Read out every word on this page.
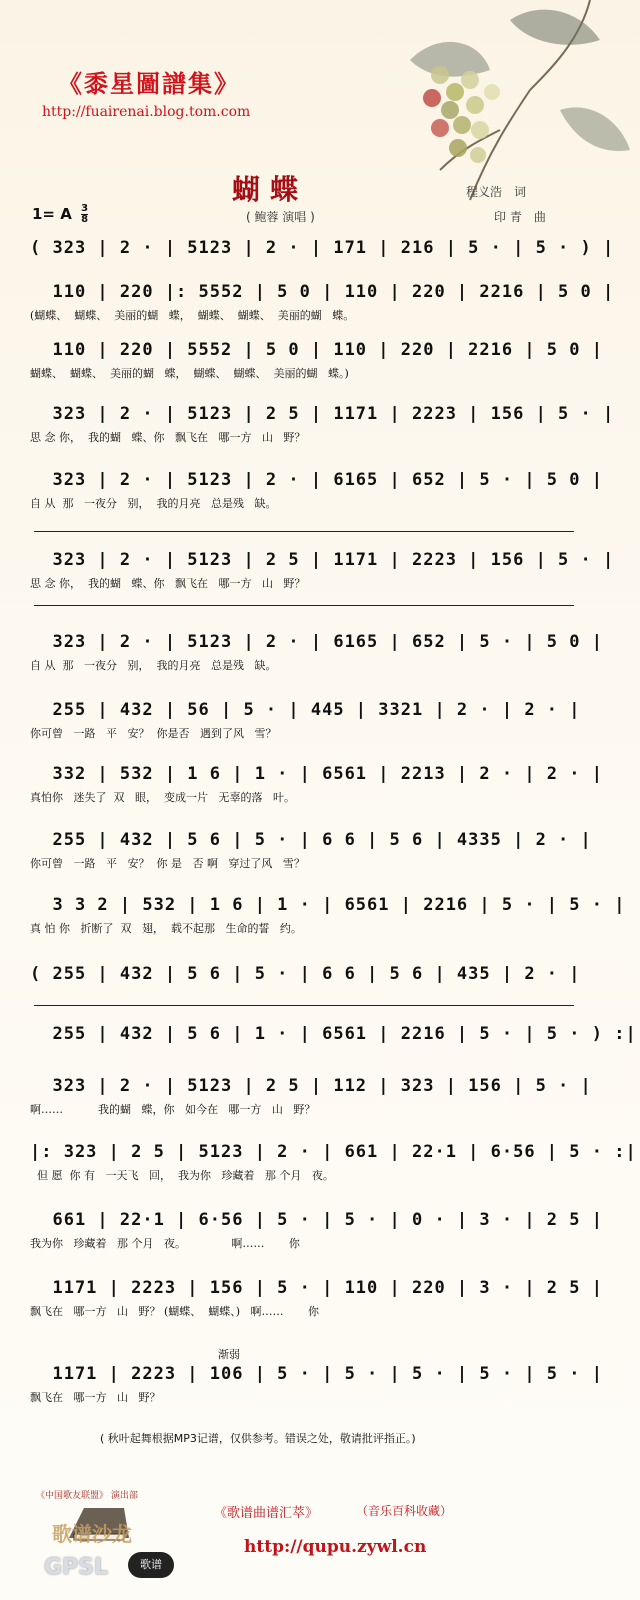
《黍星圖譜集》
http://fuairenai.blog.tom.com
蝴蝶	程义浩　词
印 青　曲
( 鲍蓉 演唱 )
1= A $\frac{3}{8}$
( 323 | 2 · | 5123 | 2 · | 171 | 216 | 5 · | 5 · ) |
110 | 220 |: 5552 | 5 0 | 110 | 220 | 2216 | 5 0 |
(蝴蝶、  蝴蝶、  美丽的蝴   蝶，  蝴蝶、  蝴蝶、  美丽的蝴   蝶。
110 | 220 | 5552 | 5 0 | 110 | 220 | 2216 | 5 0 |
蝴蝶、  蝴蝶、  美丽的蝴   蝶，  蝴蝶、  蝴蝶、  美丽的蝴   蝶。)
323 | 2 · | 5123 | 2 5 | 1171 | 2223 | 156 | 5 · |
思 念 你，  我的蝴   蝶、你   飘飞在   哪一方   山   野？
323 | 2 · | 5123 | 2 · | 6165 | 652 | 5 · | 5 0 |
自 从  那   一夜分   别，  我的月亮   总是残   缺。
323 | 2 · | 5123 | 2 5 | 1171 | 2223 | 156 | 5 · |
思 念 你，  我的蝴   蝶、你   飘飞在   哪一方   山   野？
323 | 2 · | 5123 | 2 · | 6165 | 652 | 5 · | 5 0 |
自 从  那   一夜分   别，  我的月亮   总是残   缺。
255 | 432 | 56 | 5 · | 445 | 3321 | 2 · | 2 · |
你可曾   一路   平   安？  你是否   遇到了风   雪？
332 | 532 | 1 6 | 1 · | 6561 | 2213 | 2 · | 2 · |
真怕你   迷失了  双   眼，  变成一片   无辜的落   叶。
255 | 432 | 5 6 | 5 · | 6 6 | 5 6 | 4335 | 2 · |
你可曾   一路   平   安？  你 是   否 啊   穿过了风   雪？
3 3 2 | 532 | 1 6 | 1 · | 6561 | 2216 | 5 · | 5 · |
真 怕 你   折断了  双   翅，  载不起那   生命的誓   约。
( 255 | 432 | 5 6 | 5 · | 6 6 | 5 6 | 435 | 2 · |
255 | 432 | 5 6 | 1 · | 6561 | 2216 | 5 · | 5 · ) :|
323 | 2 · | 5123 | 2 5 | 112 | 323 | 156 | 5 · |
啊……          我的蝴   蝶，你   如今在   哪一方   山   野？
|: 323 | 2 5 | 5123 | 2 · | 661 | 22·1 | 6·56 | 5 · :|
但 愿  你 有   一天飞   回，  我为你   珍藏着   那 个月   夜。
661 | 22·1 | 6·56 | 5 · | 5 · | 0 · | 3 · | 2 5 |
我为你   珍藏着   那 个月   夜。             啊……       你
1171 | 2223 | 156 | 5 · | 110 | 220 | 3 · | 2 5 |
飘飞在   哪一方   山   野？ (蝴蝶、  蝴蝶、)   啊……       你
1171 | 2223 | 106 | 5 · | 5 · | 5 · | 5 · | 5 · |
飘飞在   哪一方   山   野？
渐弱
( 秋叶起舞根据MP3记谱，仅供参考。错误之处，敬请批评指正。)
《中国歌友联盟》 演出部
歌谱沙龙
GPSL	歌谱
《歌谱曲谱汇萃》	（音乐百科收藏）
http://qupu.zywl.cn
